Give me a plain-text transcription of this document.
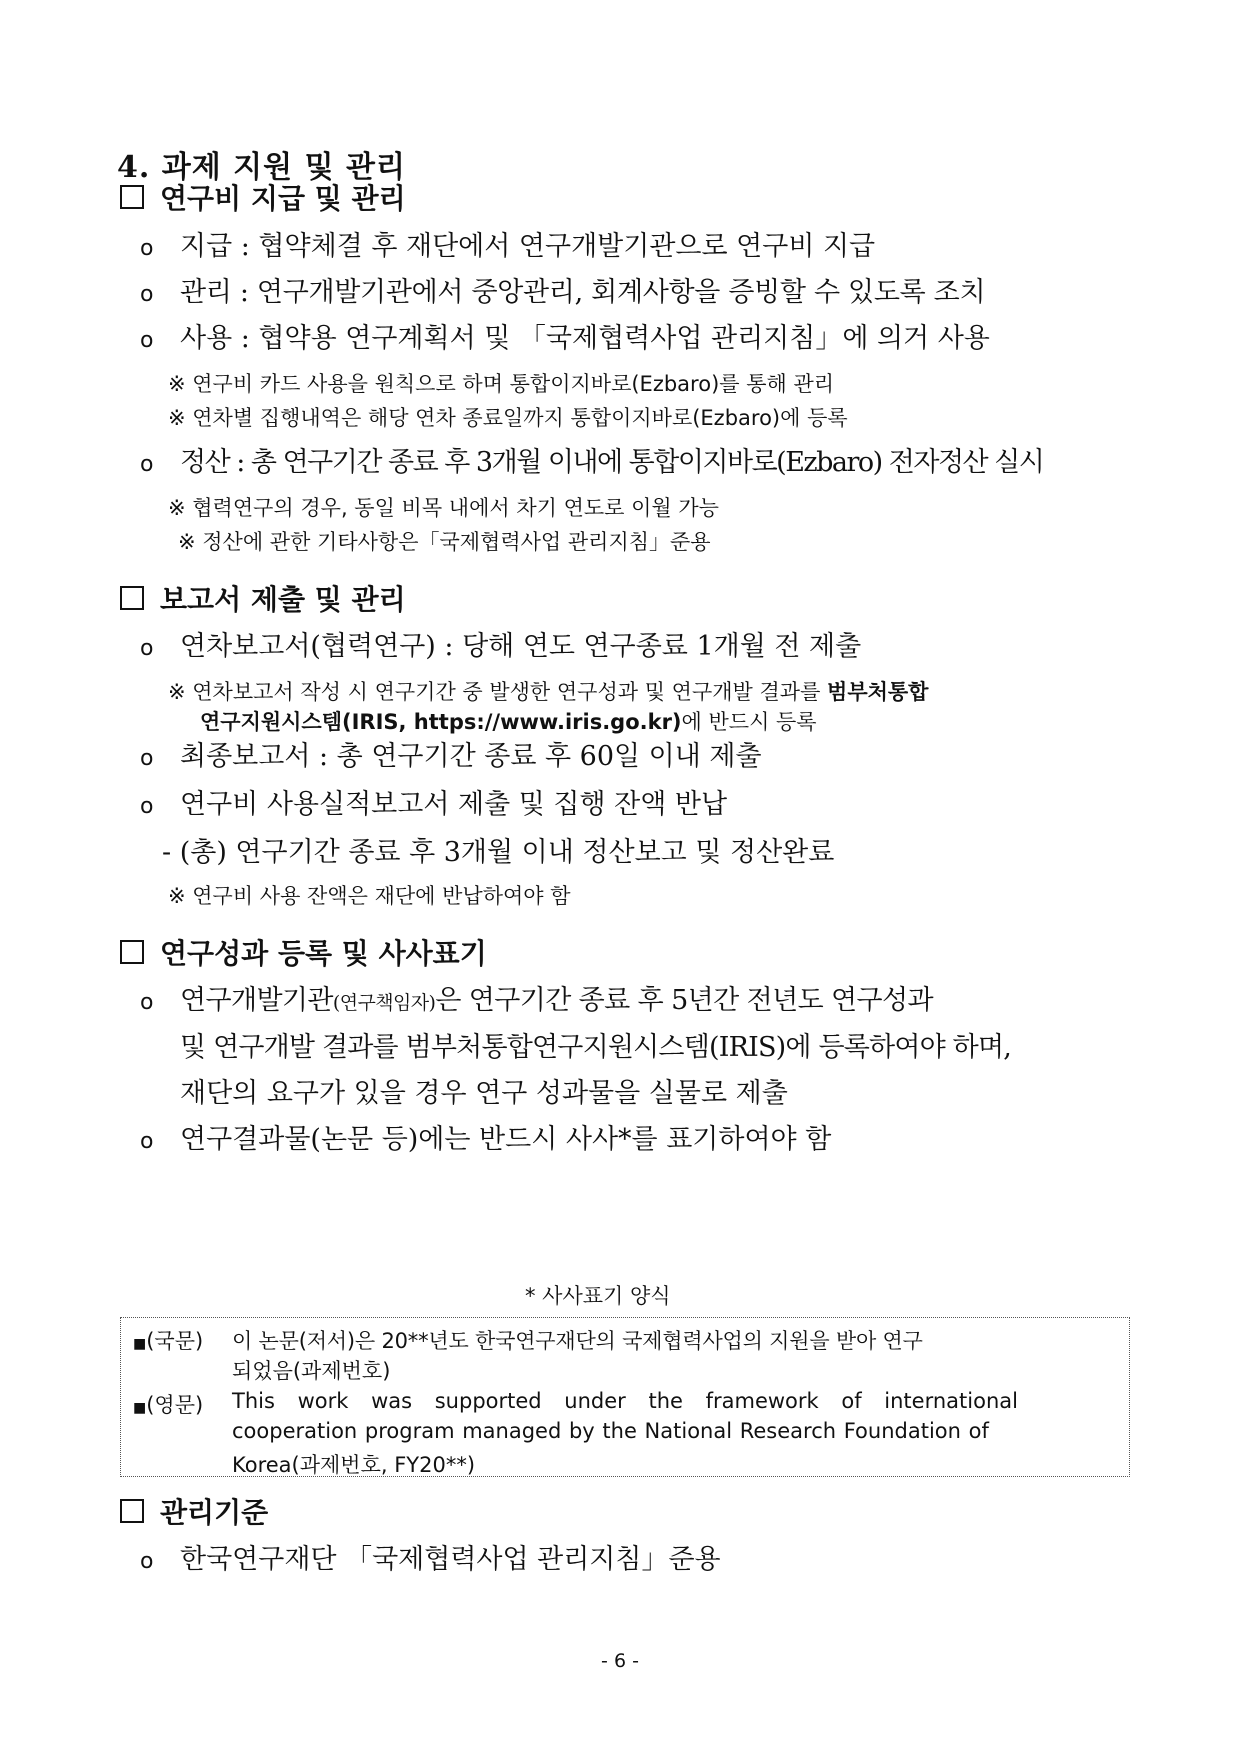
4. 과제 지원 및 관리
연구비 지급 및 관리
o 지급 : 협약체결 후 재단에서 연구개발기관으로 연구비 지급
o 관리 : 연구개발기관에서 중앙관리, 회계사항을 증빙할 수 있도록 조치
o 사용 : 협약용 연구계획서 및 「국제협력사업 관리지침」에 의거 사용
※ 연구비 카드 사용을 원칙으로 하며 통합이지바로(Ezbaro)를 통해 관리
※ 연차별 집행내역은 해당 연차 종료일까지 통합이지바로(Ezbaro)에 등록
o 정산 : 총 연구기간 종료 후 3개월 이내에 통합이지바로(Ezbaro) 전자정산 실시
※ 협력연구의 경우, 동일 비목 내에서 차기 연도로 이월 가능
※ 정산에 관한 기타사항은「국제협력사업 관리지침」준용
보고서 제출 및 관리
o 연차보고서(협력연구) : 당해 연도 연구종료 1개월 전 제출
※ 연차보고서 작성 시 연구기간 중 발생한 연구성과 및 연구개발 결과를 범부처통합
연구지원시스템(IRIS, https://www.iris.go.kr)에 반드시 등록
o 최종보고서 : 총 연구기간 종료 후 60일 이내 제출
o 연구비 사용실적보고서 제출 및 집행 잔액 반납
- (총) 연구기간 종료 후 3개월 이내 정산보고 및 정산완료
※ 연구비 사용 잔액은 재단에 반납하여야 함
연구성과 등록 및 사사표기
o 연구개발기관 (연구책임자) 은 연구기간 종료 후 5년간 전년도 연구성과
및 연구개발 결과를 범부처통합연구지원시스템(IRIS)에 등록하여야 하며,
재단의 요구가 있을 경우 연구 성과물을 실물로 제출
o 연구결과물(논문 등)에는 반드시 사사*를 표기하여야 함
* 사사표기 양식
■(국문) 이 논문(저서)은 20**년도 한국연구재단의 국제협력사업의 지원을 받아 연구
되었음(과제번호)
■(영문) This work was supported under the framework of international
cooperation program managed by the National Research Foundation of
Korea(과제번호, FY20**)
관리기준
o 한국연구재단 「국제협력사업 관리지침」준용
- 6 -
